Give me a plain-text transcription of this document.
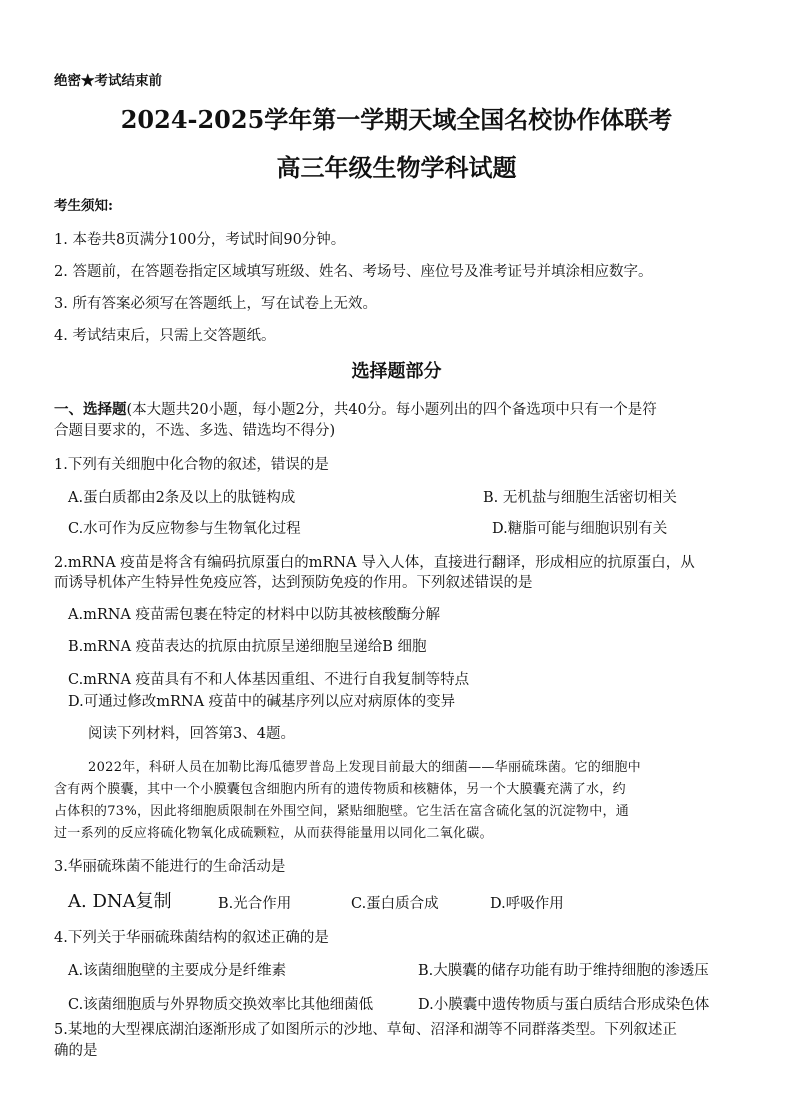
绝密★考试结束前
2024-2025学年第一学期天域全国名校协作体联考
高三年级生物学科试题
考生须知:
1. 本卷共8页满分100分，考试时间90分钟。
2. 答题前，在答题卷指定区域填写班级、姓名、考场号、座位号及准考证号并填涂相应数字。
3. 所有答案必须写在答题纸上，写在试卷上无效。
4. 考试结束后，只需上交答题纸。
选择题部分
一、选择题(本大题共20小题，每小题2分，共40分。每小题列出的四个备选项中只有一个是符
合题目要求的，不选、多选、错选均不得分)
1.下列有关细胞中化合物的叙述，错误的是
A.蛋白质都由2条及以上的肽链构成	B. 无机盐与细胞生活密切相关
C.水可作为反应物参与生物氧化过程	D.糖脂可能与细胞识别有关
2.mRNA 疫苗是将含有编码抗原蛋白的mRNA 导入人体，直接进行翻译，形成相应的抗原蛋白，从
而诱导机体产生特异性免疫应答，达到预防免疫的作用。下列叙述错误的是
A.mRNA 疫苗需包裹在特定的材料中以防其被核酸酶分解
B.mRNA 疫苗表达的抗原由抗原呈递细胞呈递给B 细胞
C.mRNA 疫苗具有不和人体基因重组、不进行自我复制等特点
D.可通过修改mRNA 疫苗中的碱基序列以应对病原体的变异
阅读下列材料，回答第3、4题。
2022年，科研人员在加勒比海瓜德罗普岛上发现目前最大的细菌——华丽硫珠菌。它的细胞中
含有两个膜囊，其中一个小膜囊包含细胞内所有的遗传物质和核糖体，另一个大膜囊充满了水，约
占体积的73%，因此将细胞质限制在外围空间，紧贴细胞壁。它生活在富含硫化氢的沉淀物中，通
过一系列的反应将硫化物氧化成硫颗粒，从而获得能量用以同化二氧化碳。
3.华丽硫珠菌不能进行的生命活动是
A. DNA复制	B.光合作用	C.蛋白质合成	D.呼吸作用
4.下列关于华丽硫珠菌结构的叙述正确的是
A.该菌细胞壁的主要成分是纤维素	B.大膜囊的储存功能有助于维持细胞的渗透压
C.该菌细胞质与外界物质交换效率比其他细菌低	D.小膜囊中遗传物质与蛋白质结合形成染色体
5.某地的大型裸底湖泊逐渐形成了如图所示的沙地、草甸、沼泽和湖等不同群落类型。下列叙述正
确的是
